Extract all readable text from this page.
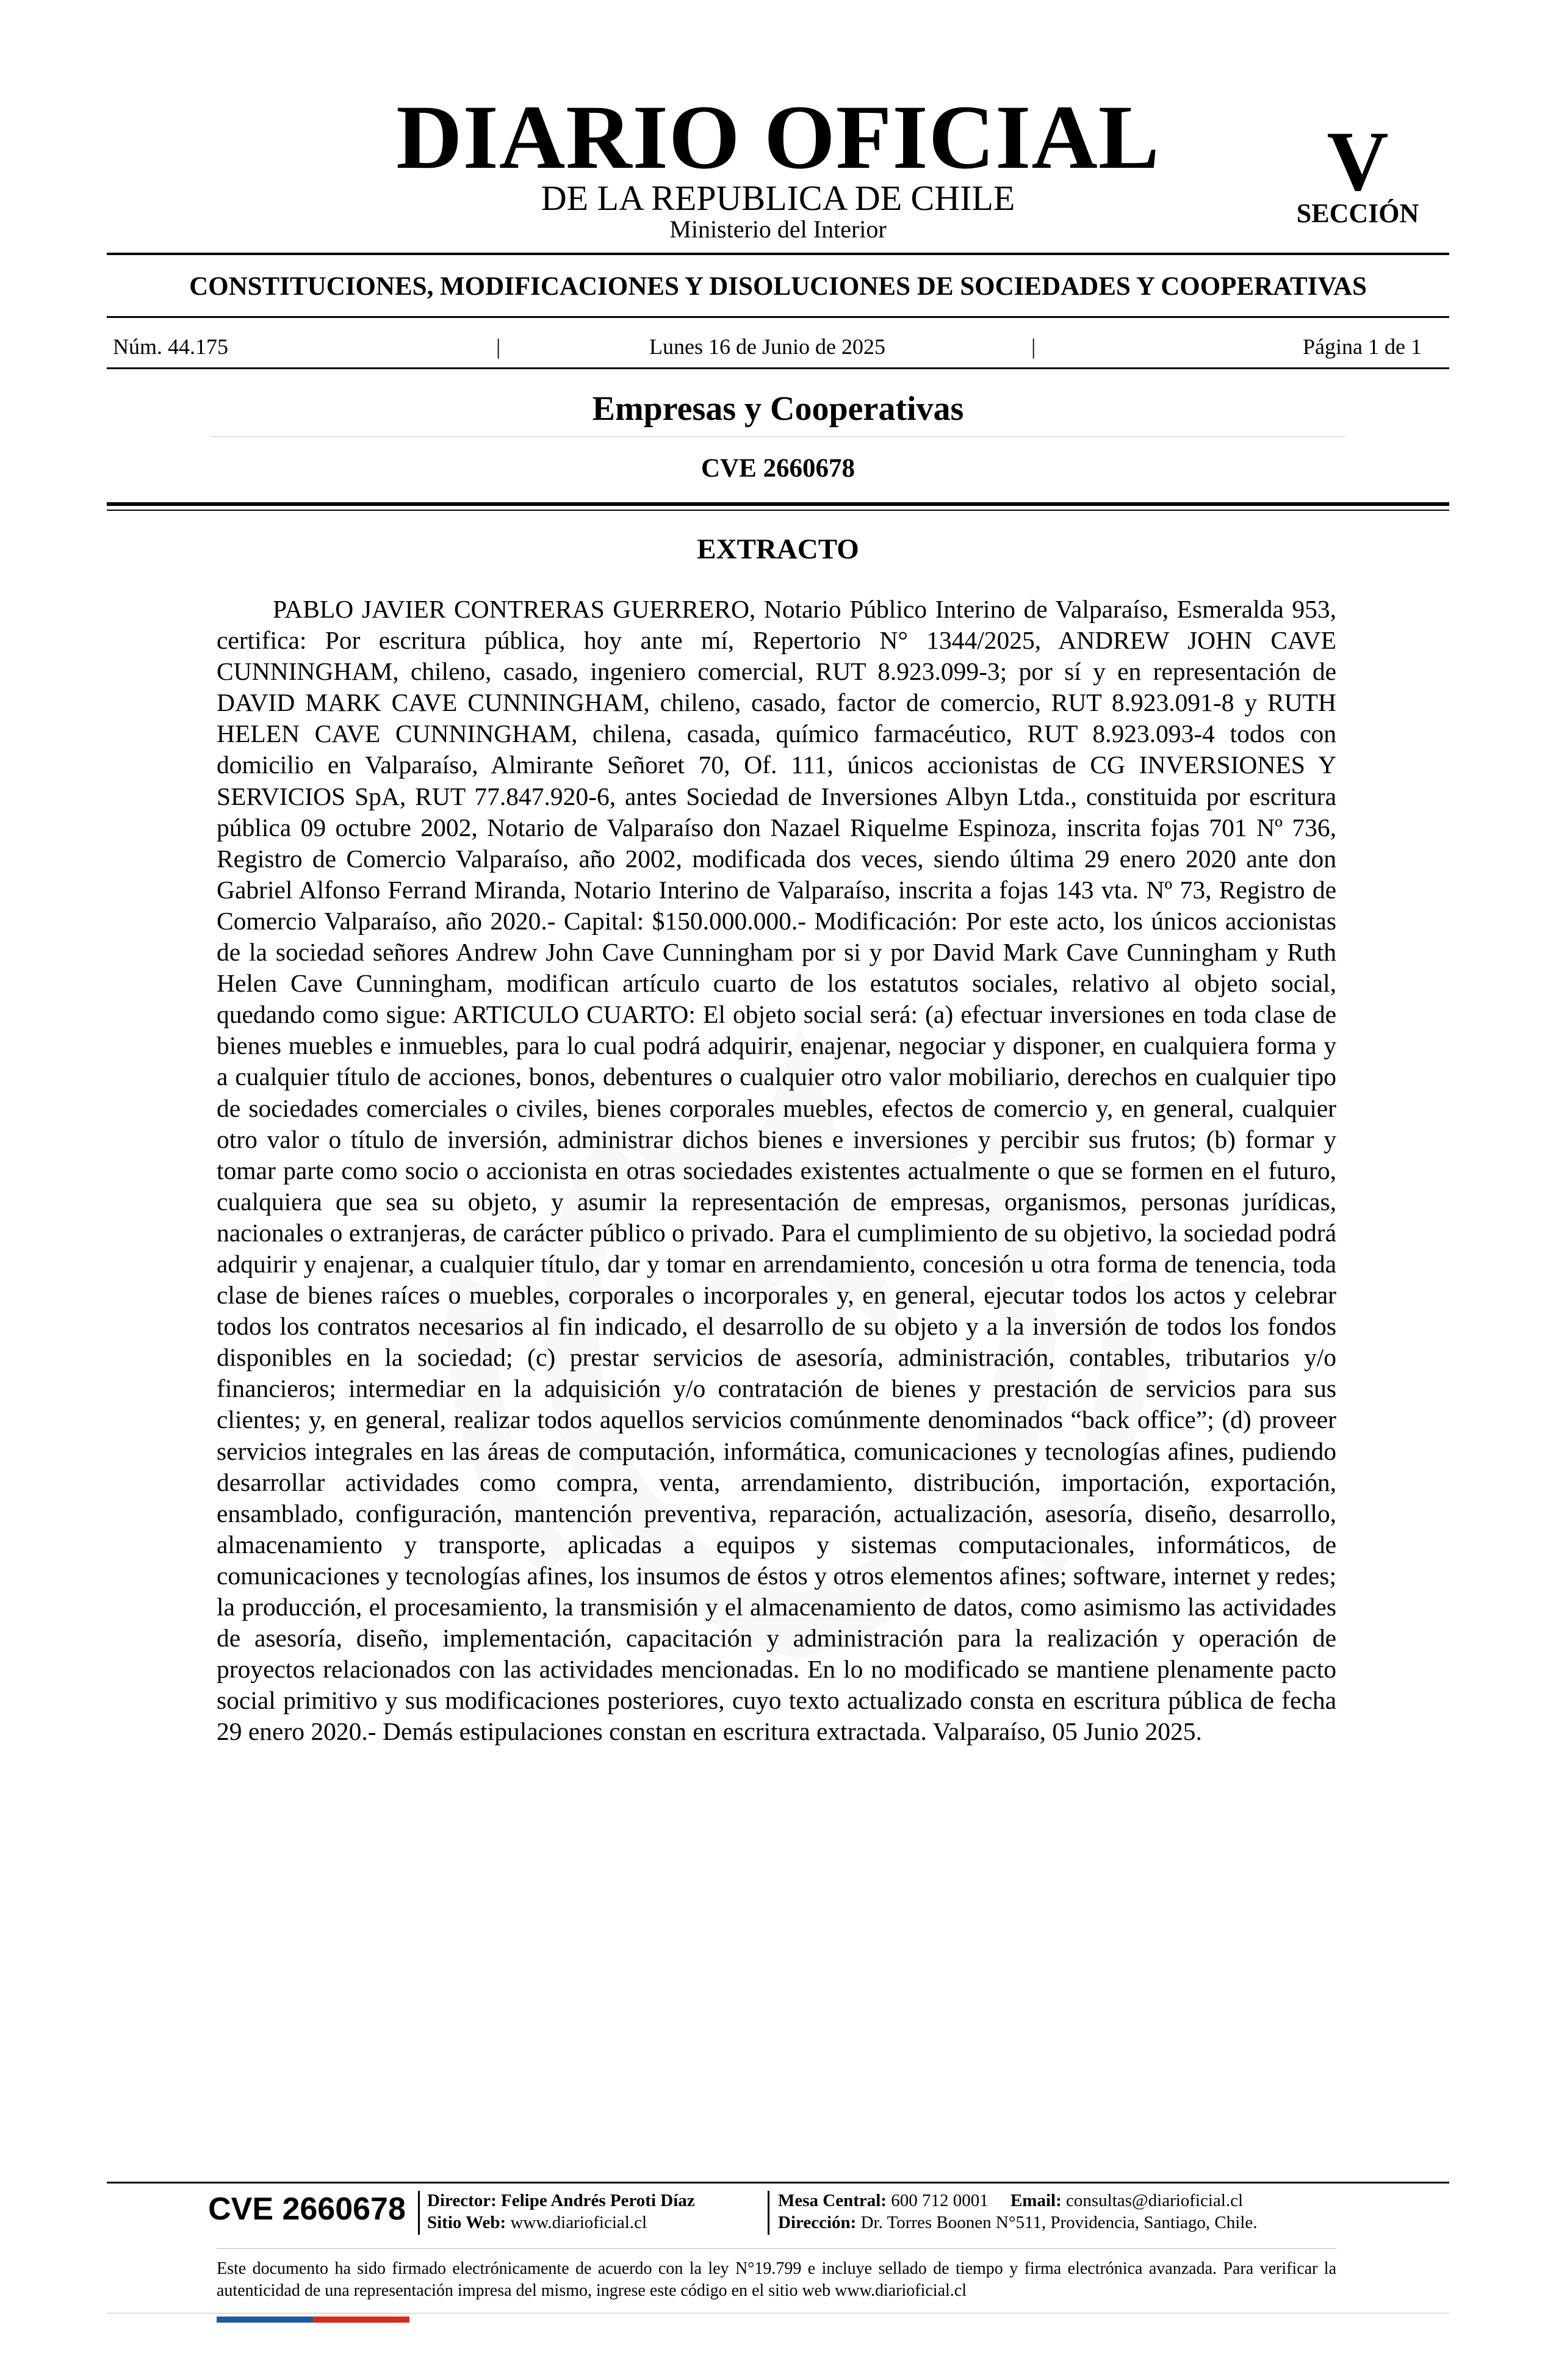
DIARIO OFICIAL
DE LA REPUBLICA DE CHILE
Ministerio del Interior
V
SECCIÓN
CONSTITUCIONES, MODIFICACIONES Y DISOLUCIONES DE SOCIEDADES Y COOPERATIVAS
Núm. 44.175	|	Lunes 16 de Junio de 2025	|	Página 1 de 1
Empresas y Cooperativas
CVE 2660678
EXTRACTO
PABLO JAVIER CONTRERAS GUERRERO, Notario Público Interino de Valparaíso, Esmeralda 953, certifica: Por escritura pública, hoy ante mí, Repertorio N° 1344/2025, ANDREW JOHN CAVE CUNNINGHAM, chileno, casado, ingeniero comercial, RUT 8.923.099-3; por sí y en representación de DAVID MARK CAVE CUNNINGHAM, chileno, casado, factor de comercio, RUT 8.923.091-8 y RUTH HELEN CAVE CUNNINGHAM, chilena, casada, químico farmacéutico, RUT 8.923.093-4 todos con domicilio en Valparaíso, Almirante Señoret 70, Of. 111, únicos accionistas de CG INVERSIONES Y SERVICIOS SpA, RUT 77.847.920-6, antes Sociedad de Inversiones Albyn Ltda., constituida por escritura pública 09 octubre 2002, Notario de Valparaíso don Nazael Riquelme Espinoza, inscrita fojas 701 Nº 736, Registro de Comercio Valparaíso, año 2002, modificada dos veces, siendo última 29 enero 2020 ante don Gabriel Alfonso Ferrand Miranda, Notario Interino de Valparaíso, inscrita a fojas 143 vta. Nº 73, Registro de Comercio Valparaíso, año 2020.- Capital: $150.000.000.- Modificación: Por este acto, los únicos accionistas de la sociedad señores Andrew John Cave Cunningham por si y por David Mark Cave Cunningham y Ruth Helen Cave Cunningham, modifican artículo cuarto de los estatutos sociales, relativo al objeto social, quedando como sigue: ARTICULO CUARTO: El objeto social será: (a) efectuar inversiones en toda clase de bienes muebles e inmuebles, para lo cual podrá adquirir, enajenar, negociar y disponer, en cualquiera forma y a cualquier título de acciones, bonos, debentures o cualquier otro valor mobiliario, derechos en cualquier tipo de sociedades comerciales o civiles, bienes corporales muebles, efectos de comercio y, en general, cualquier otro valor o título de inversión, administrar dichos bienes e inversiones y percibir sus frutos; (b) formar y tomar parte como socio o accionista en otras sociedades existentes actualmente o que se formen en el futuro, cualquiera que sea su objeto, y asumir la representación de empresas, organismos, personas jurídicas, nacionales o extranjeras, de carácter público o privado. Para el cumplimiento de su objetivo, la sociedad podrá adquirir y enajenar, a cualquier título, dar y tomar en arrendamiento, concesión u otra forma de tenencia, toda clase de bienes raíces o muebles, corporales o incorporales y, en general, ejecutar todos los actos y celebrar todos los contratos necesarios al fin indicado, el desarrollo de su objeto y a la inversión de todos los fondos disponibles en la sociedad; (c) prestar servicios de asesoría, administración, contables, tributarios y/o financieros; intermediar en la adquisición y/o contratación de bienes y prestación de servicios para sus clientes; y, en general, realizar todos aquellos servicios comúnmente denominados “back office”; (d) proveer servicios integrales en las áreas de computación, informática, comunicaciones y tecnologías afines, pudiendo desarrollar actividades como compra, venta, arrendamiento, distribución, importación, exportación, ensamblado, configuración, mantención preventiva, reparación, actualización, asesoría, diseño, desarrollo, almacenamiento y transporte, aplicadas a equipos y sistemas computacionales, informáticos, de comunicaciones y tecnologías afines, los insumos de éstos y otros elementos afines; software, internet y redes; la producción, el procesamiento, la transmisión y el almacenamiento de datos, como asimismo las actividades de asesoría, diseño, implementación, capacitación y administración para la realización y operación de proyectos relacionados con las actividades mencionadas. En lo no modificado se mantiene plenamente pacto social primitivo y sus modificaciones posteriores, cuyo texto actualizado consta en escritura pública de fecha 29 enero 2020.- Demás estipulaciones constan en escritura extractada. Valparaíso, 05 Junio 2025.
CVE 2660678 Director: Felipe Andrés Peroti Díaz
Sitio Web: www.diarioficial.cl
Mesa Central: 600 712 0001 Email: consultas@diarioficial.cl
Dirección: Dr. Torres Boonen N°511, Providencia, Santiago, Chile.
Este documento ha sido firmado electrónicamente de acuerdo con la ley N°19.799 e incluye sellado de tiempo y firma electrónica avanzada. Para verificar la autenticidad de una representación impresa del mismo, ingrese este código en el sitio web www.diarioficial.cl
